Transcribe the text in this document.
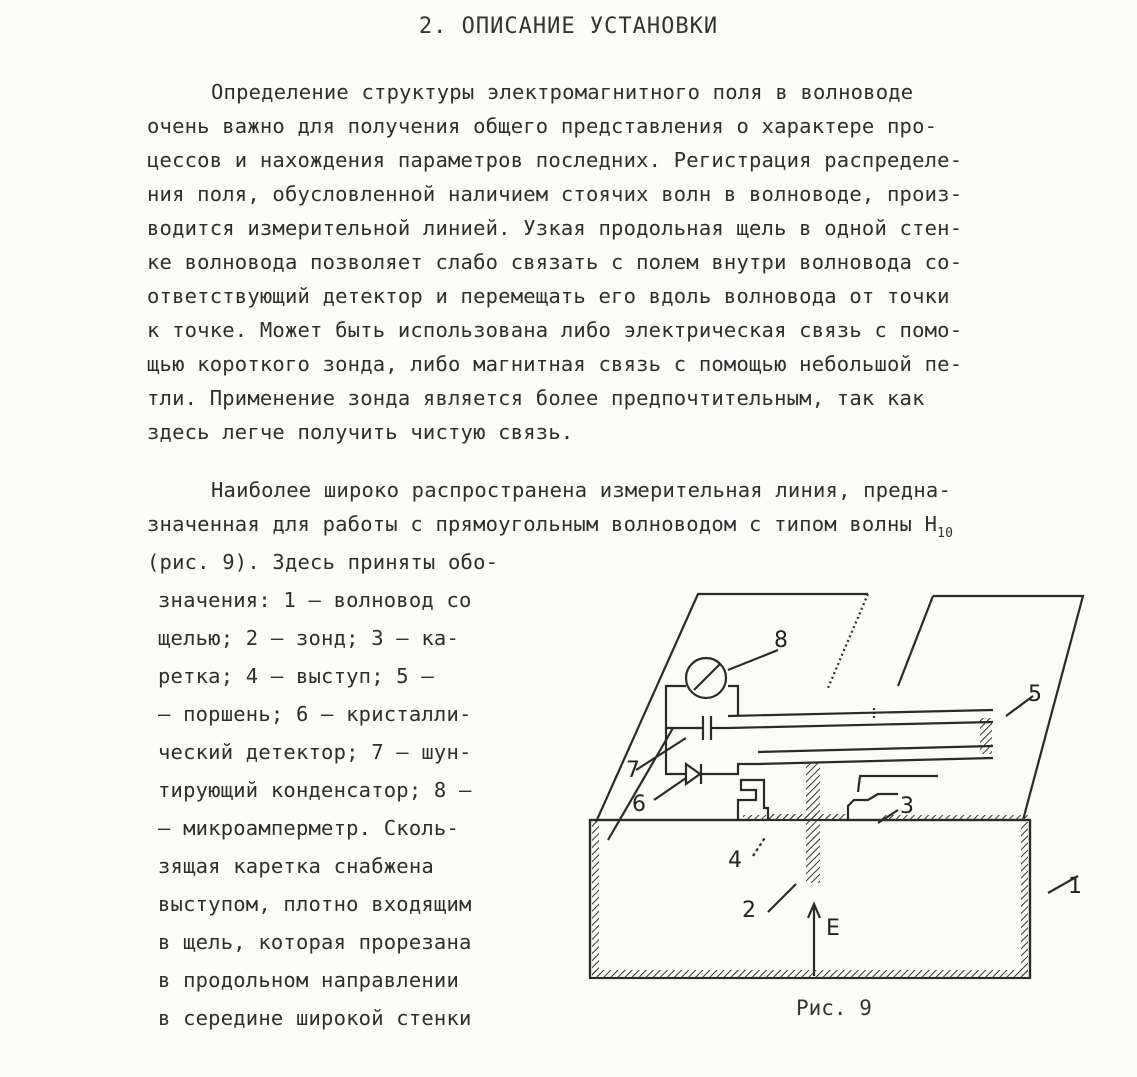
2. ОПИСАНИЕ УСТАНОВКИ
Определение структуры электромагнитного поля в волноводе
очень важно для получения общего представления о характере про-
цессов и нахождения параметров последних. Регистрация распределе-
ния поля, обусловленной наличием стоячих волн в волноводе, произ-
водится измерительной линией. Узкая продольная щель в одной стен-
ке волновода позволяет слабо связать с полем внутри волновода со-
ответствующий детектор и перемещать его вдоль волновода от точки
к точке. Может быть использована либо электрическая связь с помо-
щью короткого зонда, либо магнитная связь с помощью небольшой пе-
тли. Применение зонда является более предпочтительным, так как
здесь легче получить чистую связь.
Наиболее широко распространена измерительная линия, предна-
значенная для работы с прямоугольным волноводом с типом волны $H_{10}$
(рис. 9). Здесь приняты обо-
значения: 1 – волновод со
щелью; 2 – зонд; 3 – ка-
ретка; 4 – выступ; 5 –
– поршень; 6 – кристалли-
ческий детектор; 7 – шун-
тирующий конденсатор; 8 –
– микроамперметр. Сколь-
зящая каретка снабжена
выступом, плотно входящим
в щель, которая прорезана
в продольном направлении
в середине широкой стенки
8
5
7
6	3
4
2
1
E
Рис. 9
